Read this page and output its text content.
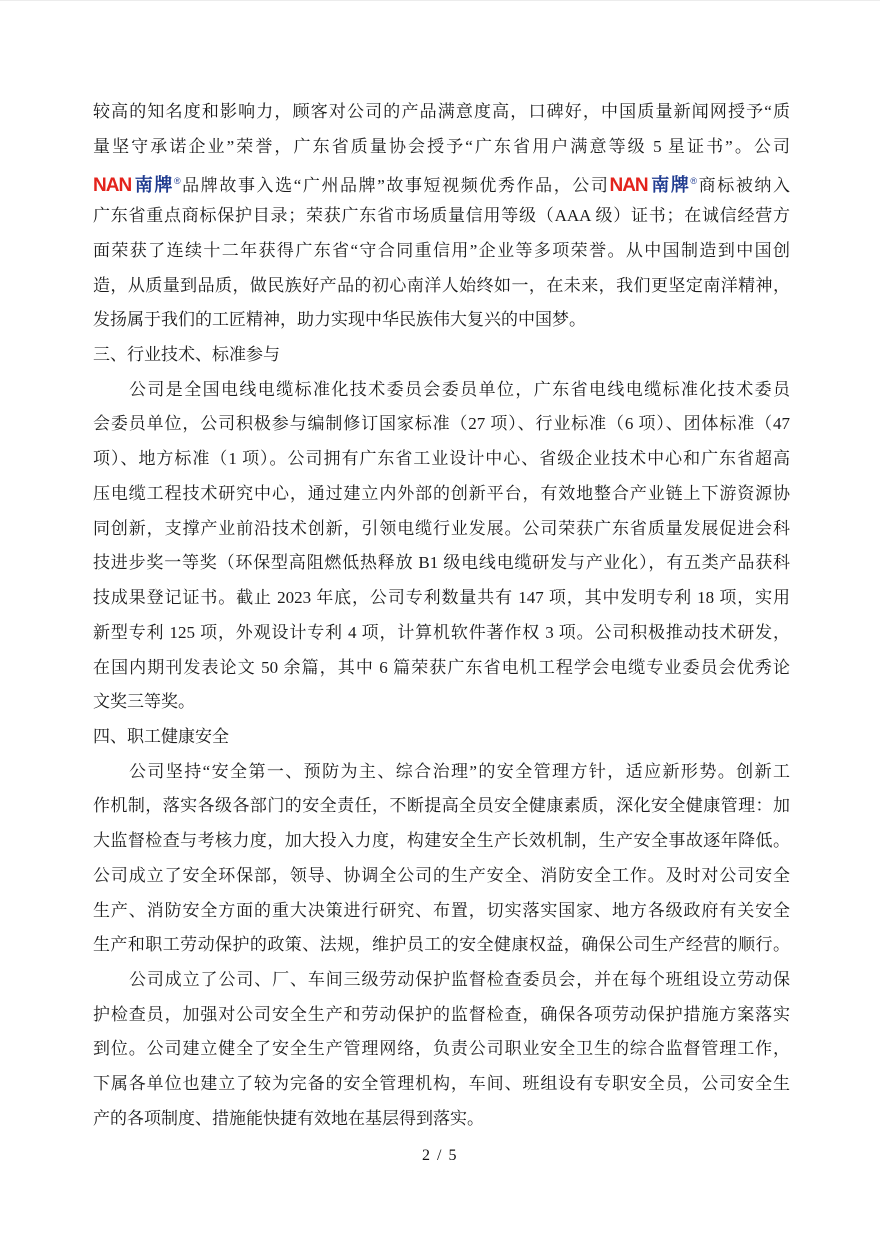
较高的知名度和影响力，顾客对公司的产品满意度高，口碑好，中国质量新闻网授予“质
量坚守承诺企业”荣誉，广东省质量协会授予“广东省用户满意等级 5 星证书”。公司
NAN 南牌®品牌故事入选“广州品牌”故事短视频优秀作品，公司NAN 南牌®商标被纳入
广东省重点商标保护目录；荣获广东省市场质量信用等级（AAA 级）证书；在诚信经营方
面荣获了连续十二年获得广东省“守合同重信用”企业等多项荣誉。从中国制造到中国创
造，从质量到品质，做民族好产品的初心南洋人始终如一，在未来，我们更坚定南洋精神，
发扬属于我们的工匠精神，助力实现中华民族伟大复兴的中国梦。
三、行业技术、标准参与
公司是全国电线电缆标准化技术委员会委员单位，广东省电线电缆标准化技术委员
会委员单位，公司积极参与编制修订国家标准（27 项）、行业标准（6 项）、团体标准（47
项）、地方标准（1 项）。公司拥有广东省工业设计中心、省级企业技术中心和广东省超高
压电缆工程技术研究中心，通过建立内外部的创新平台，有效地整合产业链上下游资源协
同创新，支撑产业前沿技术创新，引领电缆行业发展。公司荣获广东省质量发展促进会科
技进步奖一等奖（环保型高阻燃低热释放 B1 级电线电缆研发与产业化），有五类产品获科
技成果登记证书。截止 2023 年底，公司专利数量共有 147 项，其中发明专利 18 项，实用
新型专利 125 项，外观设计专利 4 项，计算机软件著作权 3 项。公司积极推动技术研发，
在国内期刊发表论文 50 余篇，其中 6 篇荣获广东省电机工程学会电缆专业委员会优秀论
文奖三等奖。
四、职工健康安全
公司坚持“安全第一、预防为主、综合治理”的安全管理方针，适应新形势。创新工
作机制，落实各级各部门的安全责任，不断提高全员安全健康素质，深化安全健康管理：加
大监督检查与考核力度，加大投入力度，构建安全生产长效机制，生产安全事故逐年降低。
公司成立了安全环保部，领导、协调全公司的生产安全、消防安全工作。及时对公司安全
生产、消防安全方面的重大决策进行研究、布置，切实落实国家、地方各级政府有关安全
生产和职工劳动保护的政策、法规，维护员工的安全健康权益，确保公司生产经营的顺行。
公司成立了公司、厂、车间三级劳动保护监督检查委员会，并在每个班组设立劳动保
护检查员，加强对公司安全生产和劳动保护的监督检查，确保各项劳动保护措施方案落实
到位。公司建立健全了安全生产管理网络，负责公司职业安全卫生的综合监督管理工作，
下属各单位也建立了较为完备的安全管理机构，车间、班组设有专职安全员，公司安全生
产的各项制度、措施能快捷有效地在基层得到落实。
2 / 5
